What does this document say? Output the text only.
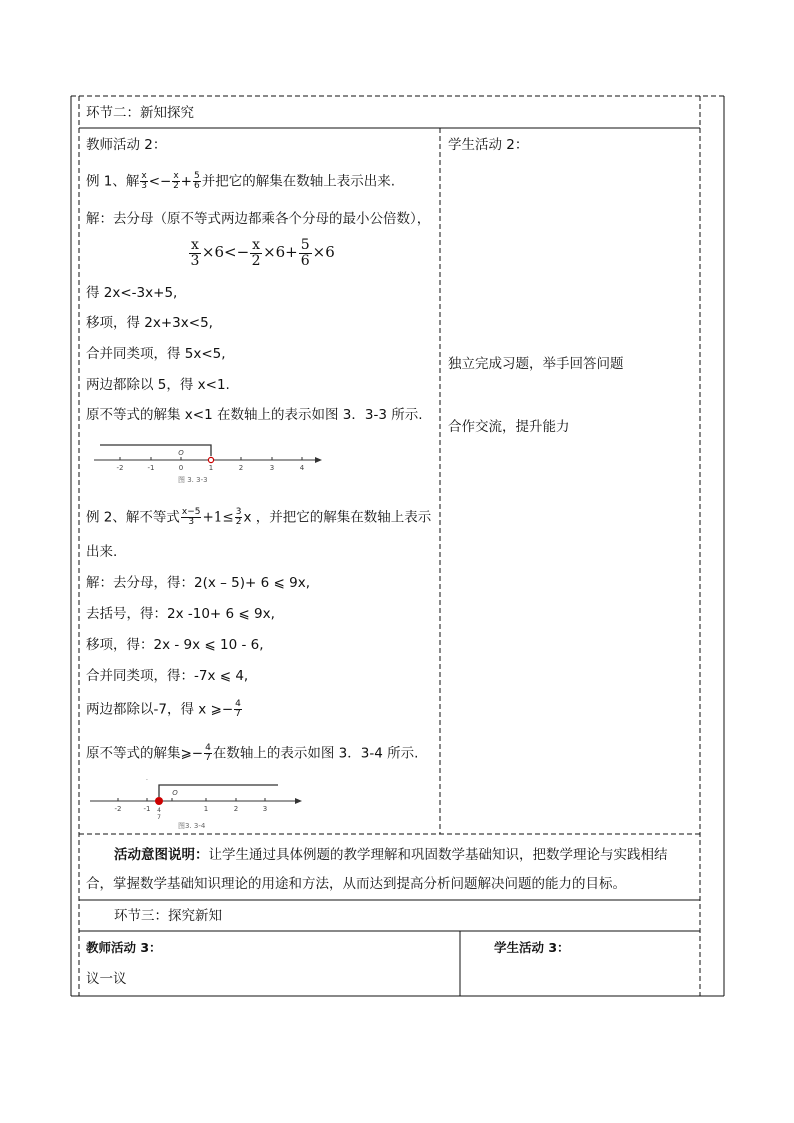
环节二：新知探究
教师活动 2：
例 1、解 $\frac{x}{3} <- \frac{x}{2} + \frac{5}{6}$ 并把它的解集在数轴上表示出来.
解：去分母（原不等式两边都乘各个分母的最小公倍数），
$\frac{x}{3} \times 6<- \frac{x}{2} \times 6+ \frac{5}{6} \times 6$
得 2x<-3x+5,
移项，得 2x+3x<5,
合并同类项，得 5x<5,
两边都除以 5，得 x<1.
原不等式的解集 x<1 在数轴上的表示如图 3．3-3 所示.
-2	-1	0	1	2	3	4
O
图 3. 3-3
例 2、解不等式 $\frac{x-5}{3} +1\le \frac{3}{2}$ x ，并把它的解集在数轴上表示
出来.
解：去分母，得：2(x – 5)+ 6 ⩽ 9x,
去括号，得：2x -10+ 6 ⩽ 9x,
移项，得：2x - 9x ⩽ 10 - 6,
合并同类项，得：-7x ⩽ 4,
两边都除以-7，得 x ⩾− $\frac{4}{7}$
原不等式的解集⩾− $\frac{4}{7}$ 在数轴上的表示如图 3．3-4 所示.
·
-2	-1	1	2	3
4
7
O
图3. 3-4
学生活动 2：
独立完成习题，举手回答问题
合作交流，提升能力
活动意图说明：让学生通过具体例题的教学理解和巩固数学基础知识，把数学理论与实践相结
合，掌握数学基础知识理论的用途和方法，从而达到提高分析问题解决问题的能力的目标。
环节三：探究新知
教师活动 3：	学生活动 3：
议一议
